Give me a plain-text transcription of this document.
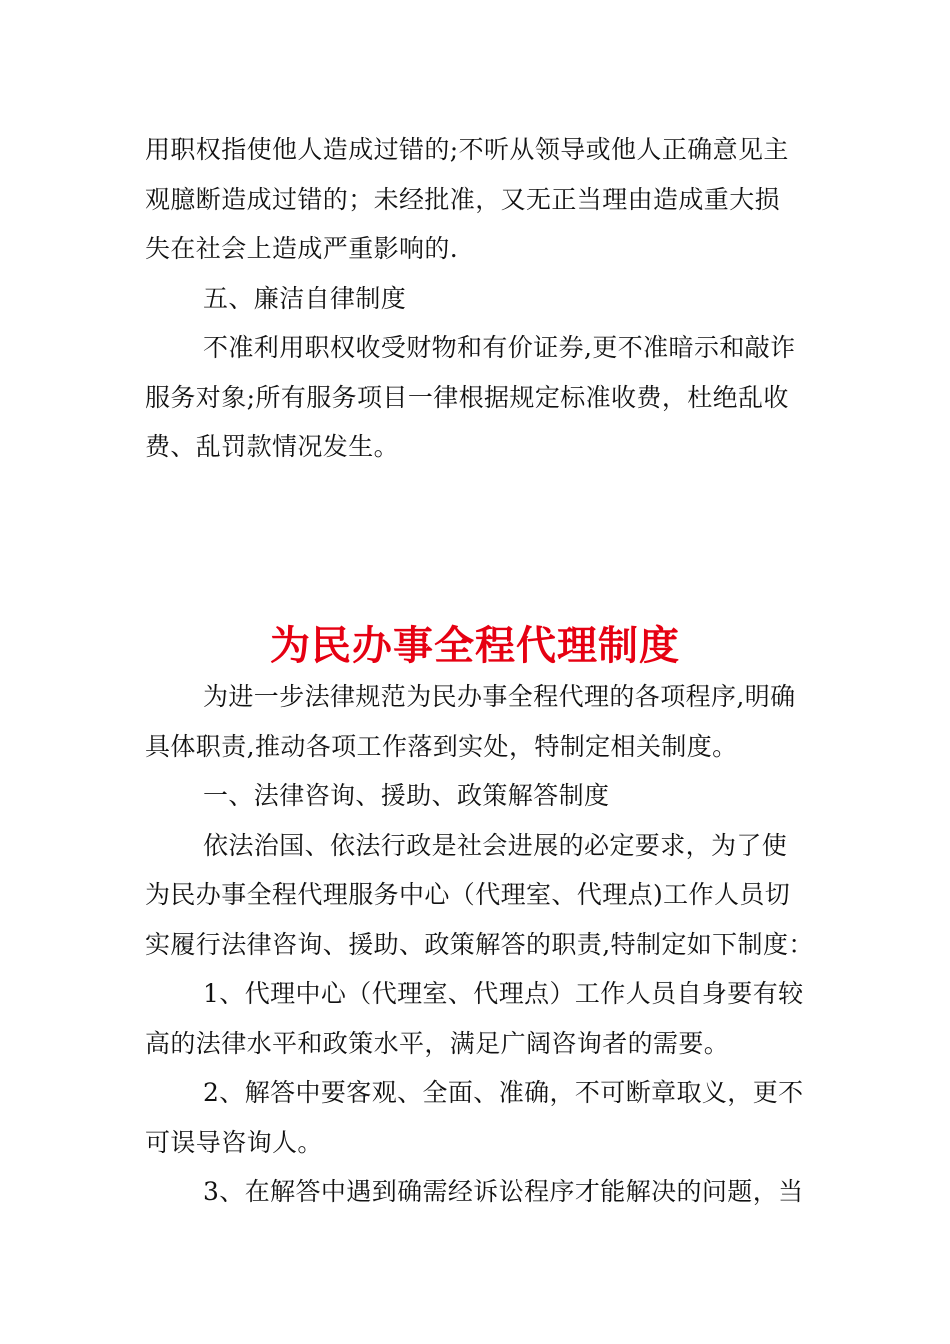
用职权指使他人造成过错的;不听从领导或他人正确意见主
观臆断造成过错的；未经批准，又无正当理由造成重大损
失在社会上造成严重影响的.
五、廉洁自律制度
不准利用职权收受财物和有价证券,更不准暗示和敲诈
服务对象;所有服务项目一律根据规定标准收费，杜绝乱收
费、乱罚款情况发生。
为民办事全程代理制度
为进一步法律规范为民办事全程代理的各项程序,明确
具体职责,推动各项工作落到实处，特制定相关制度。
一、法律咨询、援助、政策解答制度
依法治国、依法行政是社会进展的必定要求，为了使
为民办事全程代理服务中心（代理室、代理点)工作人员切
实履行法律咨询、援助、政策解答的职责,特制定如下制度：
1、代理中心（代理室、代理点）工作人员自身要有较
高的法律水平和政策水平，满足广阔咨询者的需要。
2、解答中要客观、全面、准确，不可断章取义，更不
可误导咨询人。
3、在解答中遇到确需经诉讼程序才能解决的问题，当
